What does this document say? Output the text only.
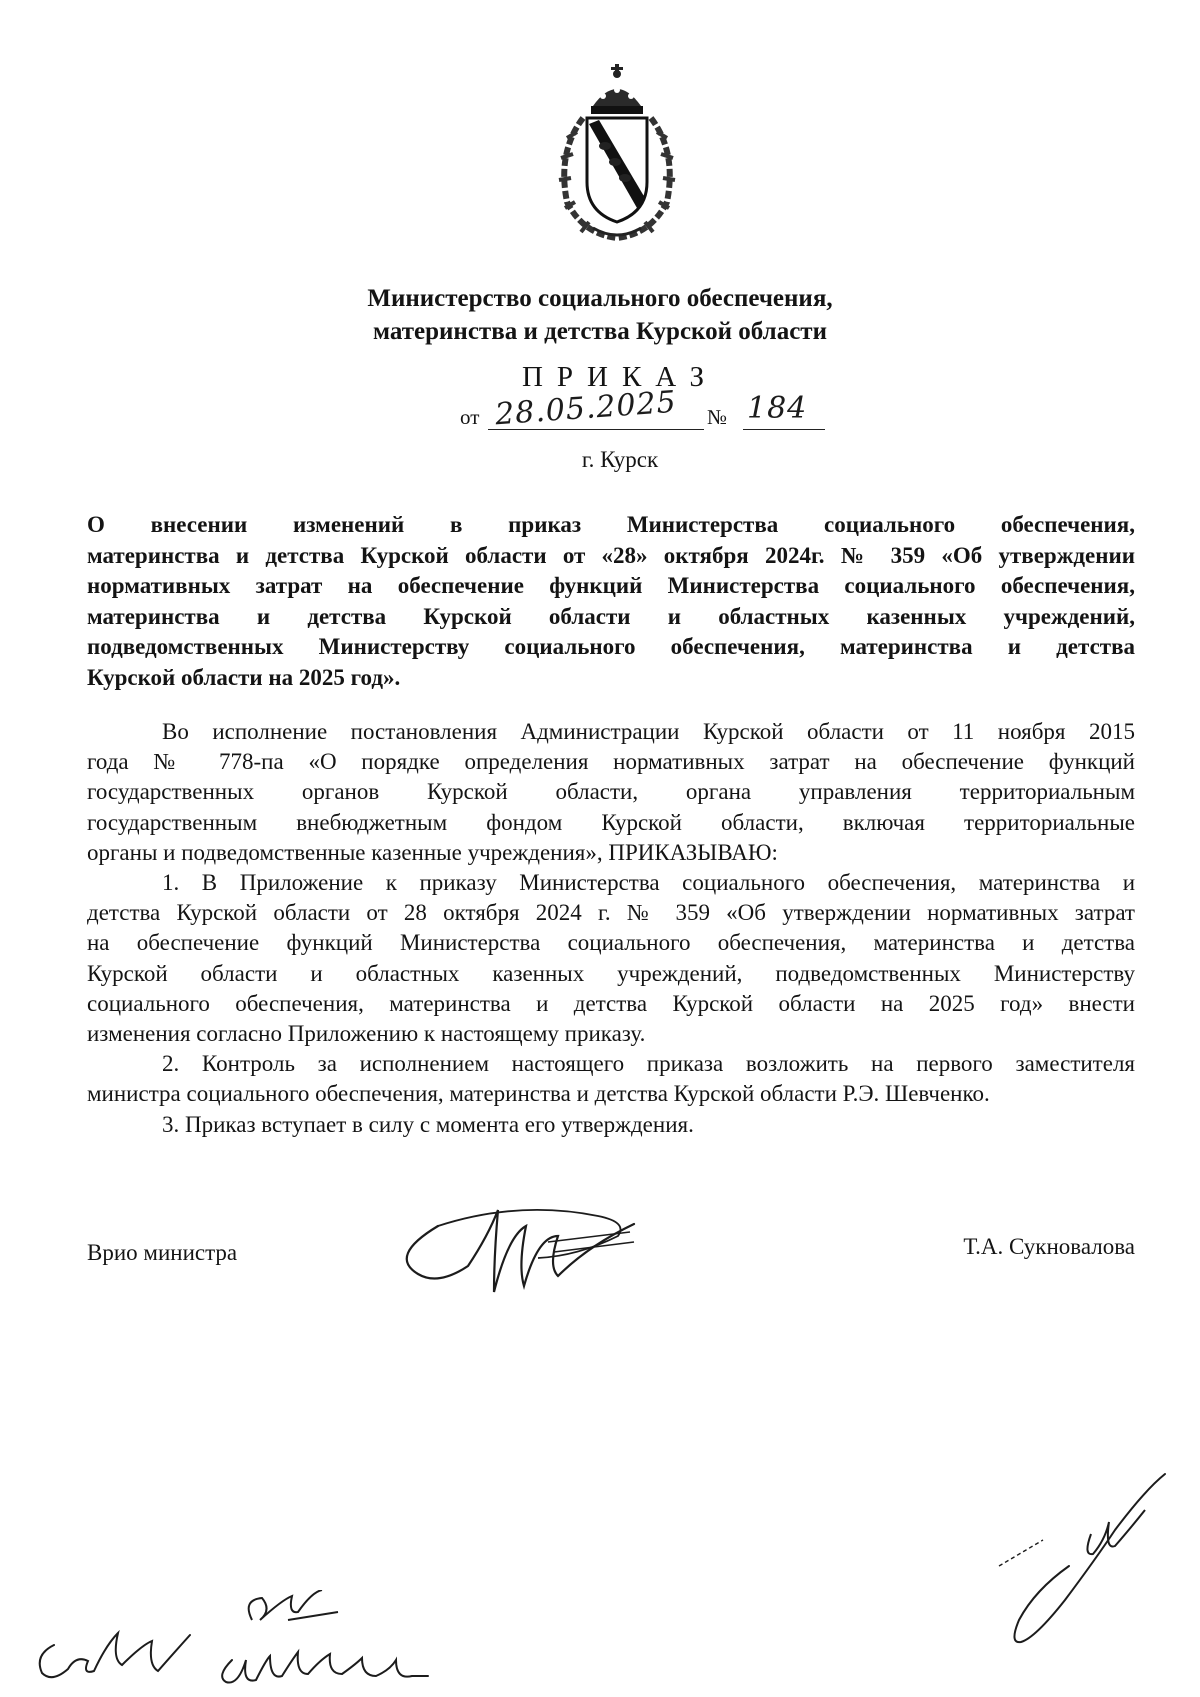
Министерство социального обеспечения,
материнства и детства Курской области
ПРИКАЗ
от 28.05.2025 № 184
г. Курск
О внесении изменений в приказ Министерства социального обеспечения,
материнства и детства Курской области от «28» октября 2024г. № 359 «Об утверждении
нормативных затрат на обеспечение функций Министерства социального обеспечения,
материнства и детства Курской области и областных казенных учреждений,
подведомственных Министерству социального обеспечения, материнства и детства
Курской области на 2025 год».
Во исполнение постановления Администрации Курской области от 11 ноября 2015
года № 778-па «О порядке определения нормативных затрат на обеспечение функций
государственных органов Курской области, органа управления территориальным
государственным внебюджетным фондом Курской области, включая территориальные
органы и подведомственные казенные учреждения», ПРИКАЗЫВАЮ:
1. В Приложение к приказу Министерства социального обеспечения, материнства и
детства Курской области от 28 октября 2024 г. № 359 «Об утверждении нормативных затрат
на обеспечение функций Министерства социального обеспечения, материнства и детства
Курской области и областных казенных учреждений, подведомственных Министерству
социального обеспечения, материнства и детства Курской области на 2025 год» внести
изменения согласно Приложению к настоящему приказу.
2. Контроль за исполнением настоящего приказа возложить на первого заместителя
министра социального обеспечения, материнства и детства Курской области Р.Э. Шевченко.
3. Приказ вступает в силу с момента его утверждения.
Врио министра	Т.А. Сукновалова
